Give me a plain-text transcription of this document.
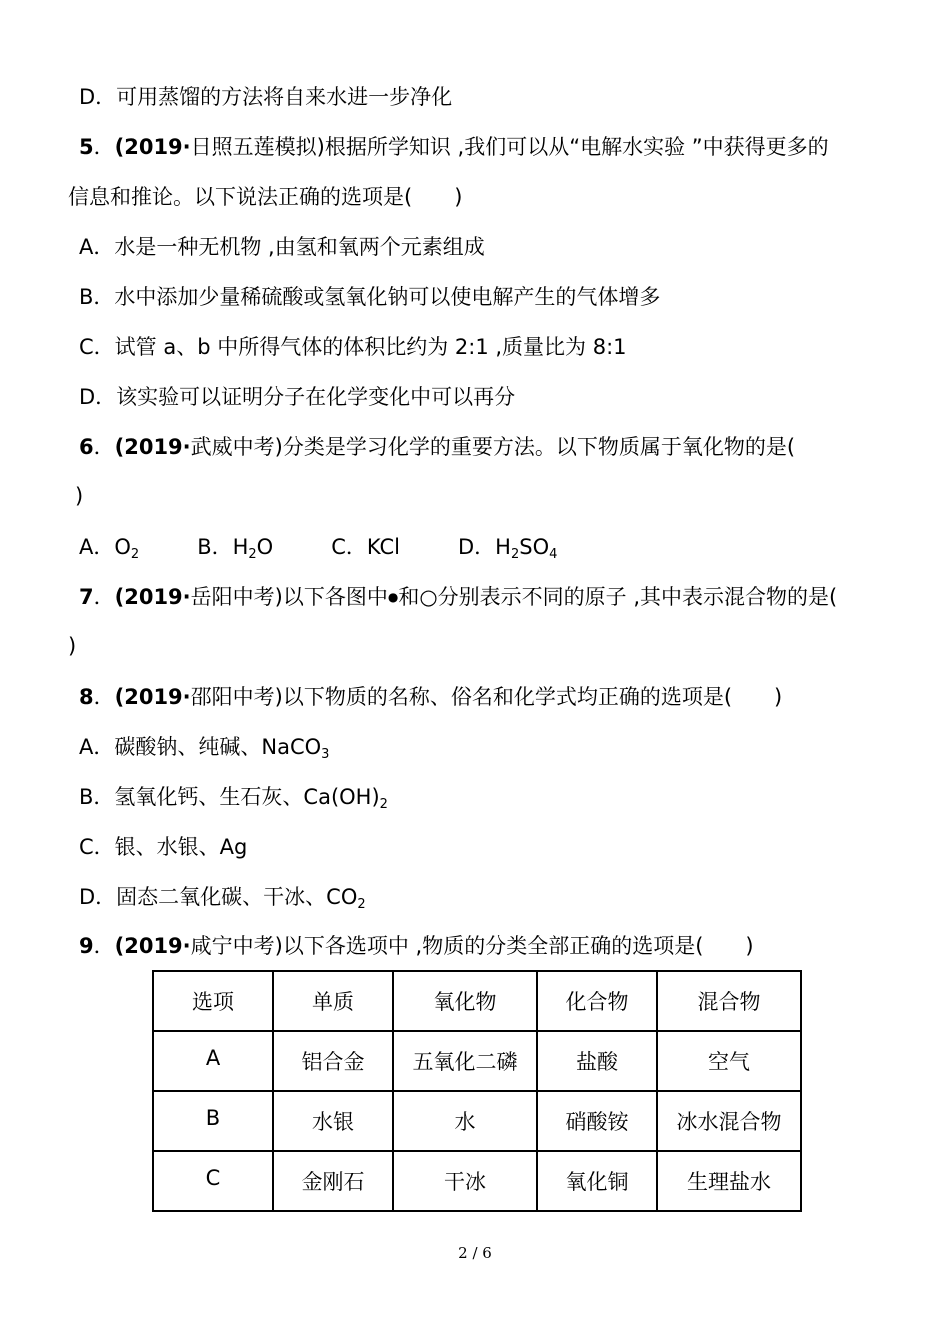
D．可用蒸馏的方法将自来水进一步净化
5．(2019·日照五莲模拟)根据所学知识 ,我们可以从“电解水实验 ”中获得更多的
信息和推论。以下说法正确的选项是(　　)
A．水是一种无机物 ,由氢和氧两个元素组成
B．水中添加少量稀硫酸或氢氧化钠可以使电解产生的气体增多
C．试管 a、b 中所得气体的体积比约为 2:1 ,质量比为 8:1
D．该实验可以证明分子在化学变化中可以再分
6．(2019·武威中考)分类是学习化学的重要方法。以下物质属于氧化物的是(
)
A．$O_2$	B．$H_2O$	C．KCl	D．$H_2SO_4$
7．(2019·岳阳中考)以下各图中●和○分别表示不同的原子 ,其中表示混合物的是(
)
8．(2019·邵阳中考)以下物质的名称、俗名和化学式均正确的选项是(　　)
A．碳酸钠、纯碱、NaCO$_3$
B．氢氧化钙、生石灰、$Ca(OH)_2$
C．银、水银、Ag
D．固态二氧化碳、干冰、$CO_2$
9．(2019·咸宁中考)以下各选项中 ,物质的分类全部正确的选项是(　　)
选项	单质	氧化物	化合物	混合物
A	铝合金	五氧化二磷	盐酸	空气
B	水银	水	硝酸铵	冰水混合物
C	金刚石	干冰	氧化铜	生理盐水
2 / 6
